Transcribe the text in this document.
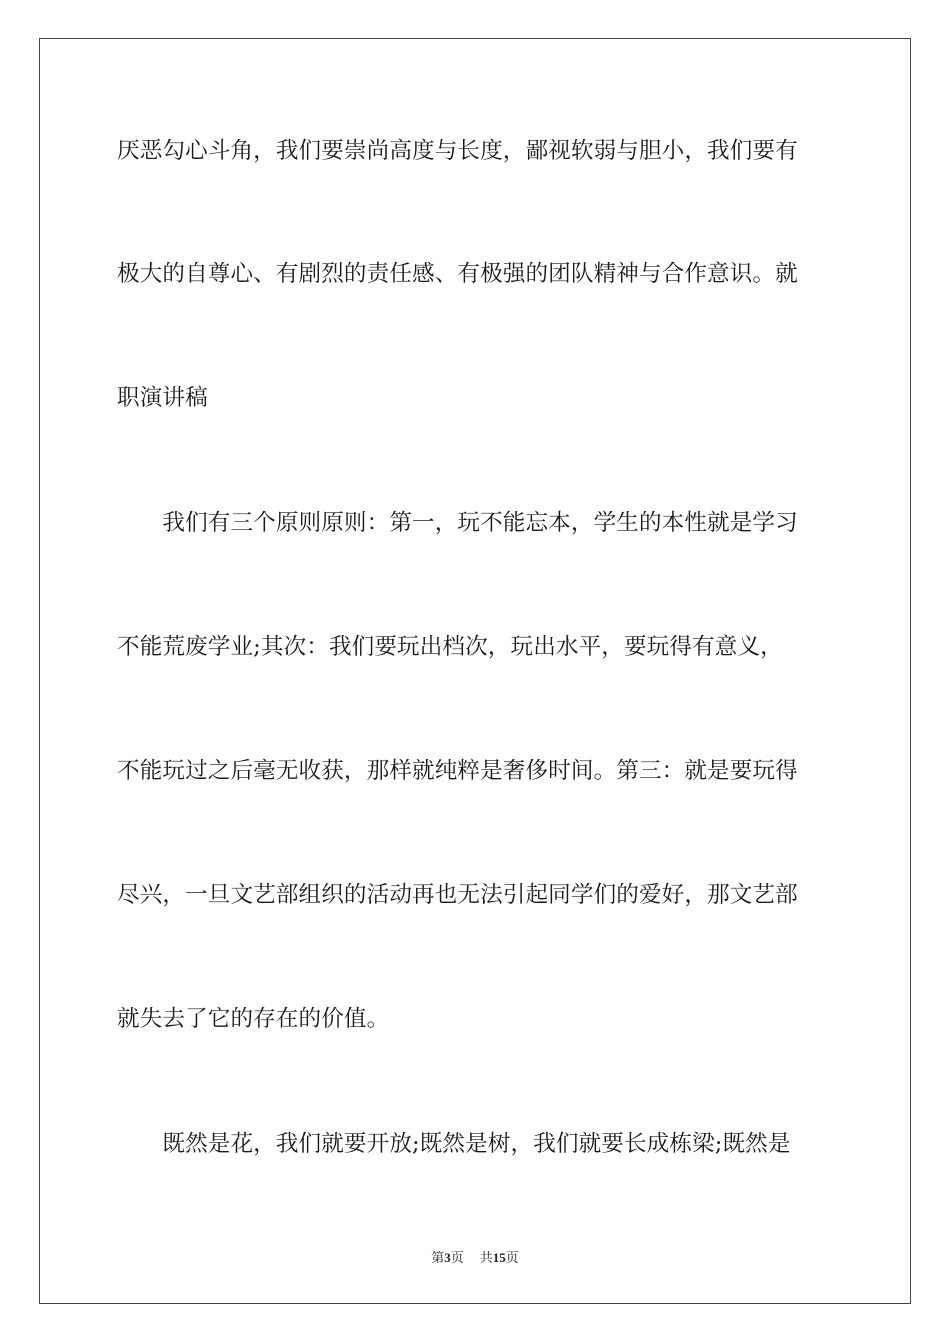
厌恶勾心斗角，我们要崇尚高度与长度，鄙视软弱与胆小，我们要有
极大的自尊心、有剧烈的责任感、有极强的团队精神与合作意识。就
职演讲稿
　　我们有三个原则原则：第一，玩不能忘本，学生的本性就是学习
不能荒废学业;其次：我们要玩出档次，玩出水平，要玩得有意义，
不能玩过之后毫无收获，那样就纯粹是奢侈时间。第三：就是要玩得
尽兴，一旦文艺部组织的活动再也无法引起同学们的爱好，那文艺部
就失去了它的存在的价值。
　　既然是花，我们就要开放;既然是树，我们就要长成栋梁;既然是
第3页 共15页
